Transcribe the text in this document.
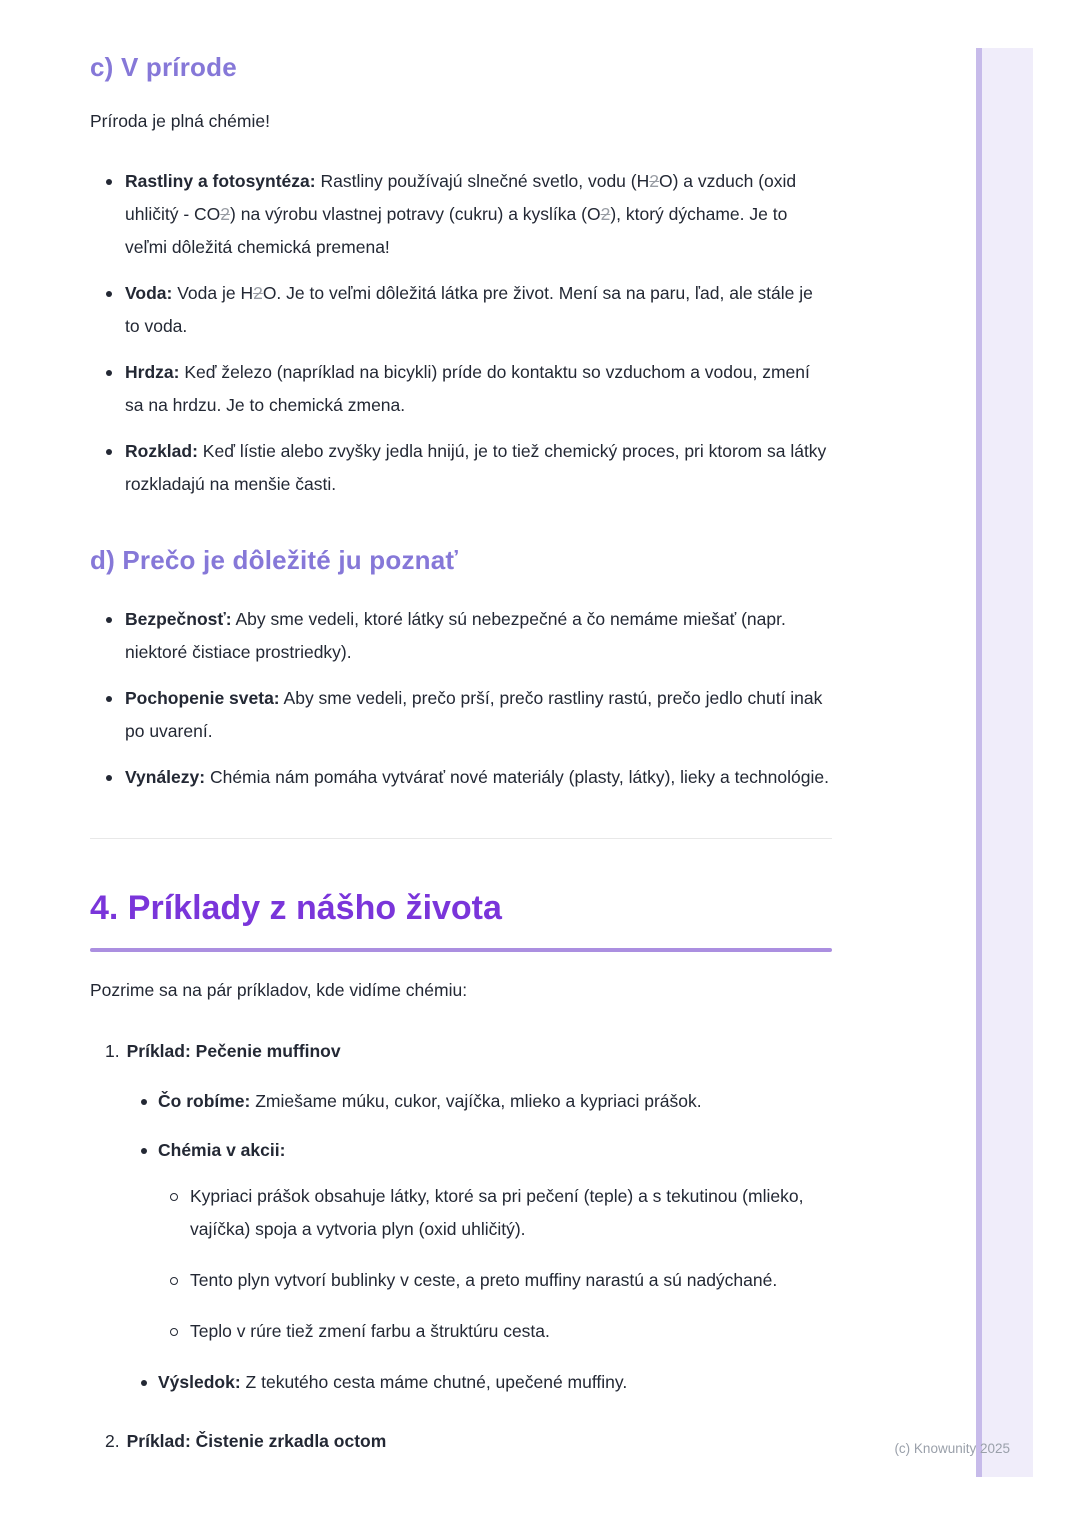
c) V prírode

Príroda je plná chémie!

Rastliny a fotosyntéza: Rastliny používajú slnečné svetlo, vodu (H2O) a vzduch (oxid uhličitý - CO2) na výrobu vlastnej potravy (cukru) a kyslíka (O2), ktorý dýchame. Je to veľmi dôležitá chemická premena!
Voda: Voda je H2O. Je to veľmi dôležitá látka pre život. Mení sa na paru, ľad, ale stále je to voda.
Hrdza: Keď železo (napríklad na bicykli) príde do kontaktu so vzduchom a vodou, zmení sa na hrdzu. Je to chemická zmena.
Rozklad: Keď lístie alebo zvyšky jedla hnijú, je to tiež chemický proces, pri ktorom sa látky rozkladajú na menšie časti.
d) Prečo je dôležité ju poznať
Bezpečnosť: Aby sme vedeli, ktoré látky sú nebezpečné a čo nemáme miešať (napr. niektoré čistiace prostriedky).
Pochopenie sveta: Aby sme vedeli, prečo prší, prečo rastliny rastú, prečo jedlo chutí inak po uvarení.
Vynálezy: Chémia nám pomáha vytvárať nové materiály (plasty, látky), lieky a technológie.
4. Príklady z nášho života

Pozrime sa na pár príkladov, kde vidíme chémiu:

1. Príklad: Pečenie muffinov
Čo robíme: Zmiešame múku, cukor, vajíčka, mlieko a kypriaci prášok.
Chémia v akcii:
Kypriaci prášok obsahuje látky, ktoré sa pri pečení (teple) a s tekutinou (mlieko, vajíčka) spoja a vytvoria plyn (oxid uhličitý).
Tento plyn vytvorí bublinky v ceste, a preto muffiny narastú a sú nadýchané.
Teplo v rúre tiež zmení farbu a štruktúru cesta.
Výsledok: Z tekutého cesta máme chutné, upečené muffiny.
2. Príklad: Čistenie zrkadla octom	(c) Knowunity 2025
